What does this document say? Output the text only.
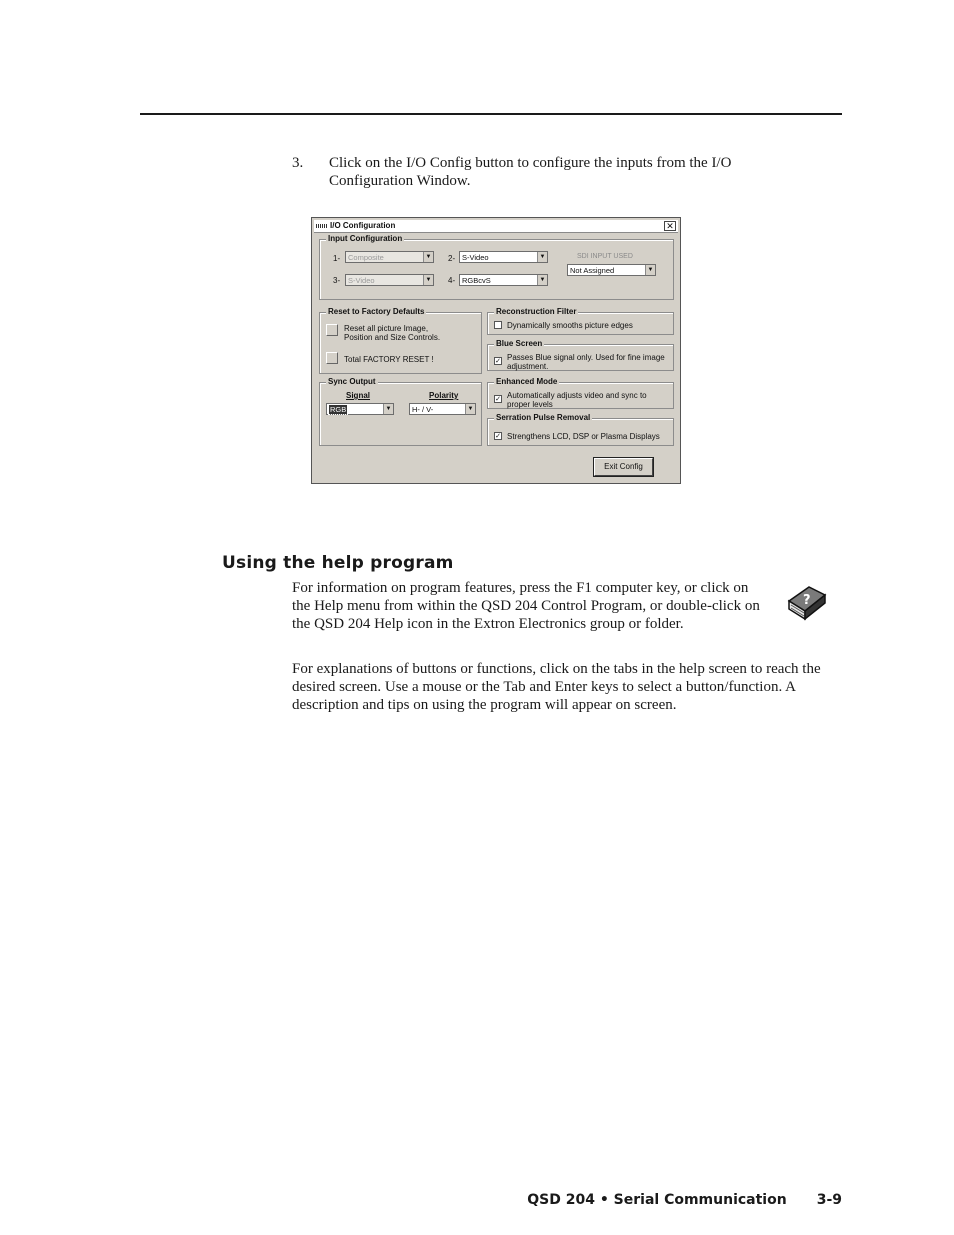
3. Click on the I/O Config button to configure the inputs from the I/O Configuration Window.
I/O Configuration	✕
Input Configuration
1- Composite	▼ 2- S-Video	▼
3- S-Video	▼ 4- RGBcvS	▼
SDI INPUT USED
Not Assigned	▼
Reset to Factory Defaults
Reset all picture Image, Position and Size Controls.
Total FACTORY RESET !
Sync Output
Signal	Polarity
RGB	▼	H- / V-	▼
Reconstruction Filter
Dynamically smooths picture edges
Blue Screen
✓ Passes Blue signal only. Used for fine image adjustment.
Enhanced Mode
✓ Automatically adjusts video and sync to proper levels
Serration Pulse Removal
✓ Strengthens LCD, DSP or Plasma Displays
Exit Config
Using the help program

For information on program features, press the F1 computer key, or click on the Help menu from within the QSD 204 Control Program, or double-click on the QSD 204 Help icon in the Extron Electronics group or folder.

?

For explanations of buttons or functions, click on the tabs in the help screen to reach the desired screen. Use a mouse or the Tab and Enter keys to select a button/function. A description and tips on using the program will appear on screen.

QSD 204 • Serial Communication 3-9
